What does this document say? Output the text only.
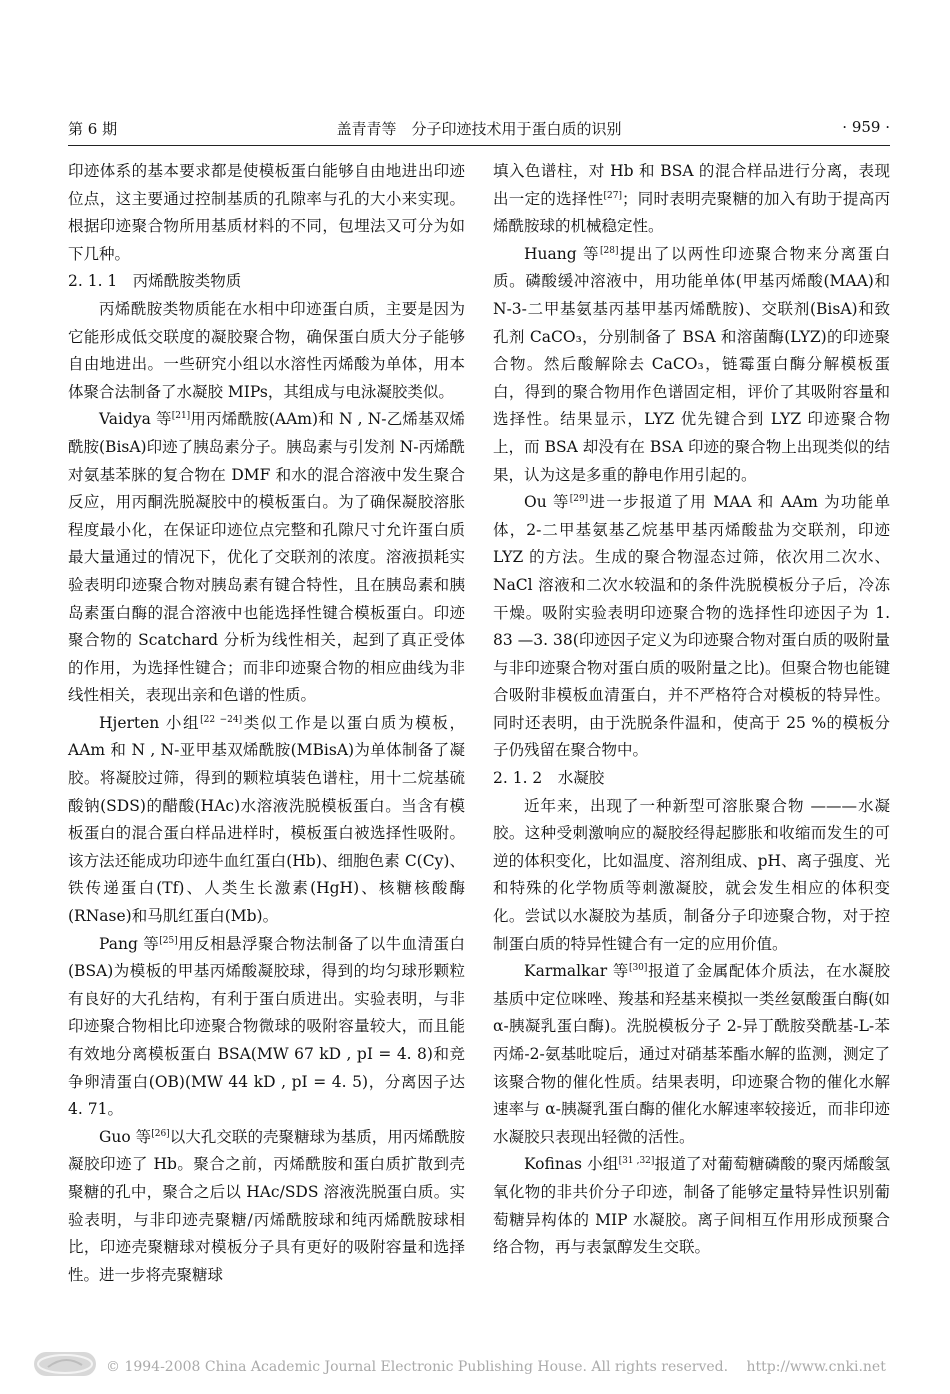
第 6 期	盖青青等　分子印迹技术用于蛋白质的识别	· 959 ·

印迹体系的基本要求都是使模板蛋白能够自由地进出印迹位点，这主要通过控制基质的孔隙率与孔的大小来实现。根据印迹聚合物所用基质材料的不同，包埋法又可分为如下几种。

2. 1. 1　丙烯酰胺类物质

丙烯酰胺类物质能在水相中印迹蛋白质，主要是因为它能形成低交联度的凝胶聚合物，确保蛋白质大分子能够自由地进出。一些研究小组以水溶性丙烯酸为单体，用本体聚合法制备了水凝胶 MIPs，其组成与电泳凝胶类似。

Vaidya 等[21]用丙烯酰胺(AAm)和 N , N-乙烯基双烯酰胺(BisA)印迹了胰岛素分子。胰岛素与引发剂 N-丙烯酰对氨基苯脒的复合物在 DMF 和水的混合溶液中发生聚合反应，用丙酮洗脱凝胶中的模板蛋白。为了确保凝胶溶胀程度最小化，在保证印迹位点完整和孔隙尺寸允许蛋白质最大量通过的情况下，优化了交联剂的浓度。溶液损耗实验表明印迹聚合物对胰岛素有键合特性，且在胰岛素和胰岛素蛋白酶的混合溶液中也能选择性键合模板蛋白。印迹聚合物的 Scatchard 分析为线性相关，起到了真正受体的作用，为选择性键合；而非印迹聚合物的相应曲线为非线性相关，表现出亲和色谱的性质。

Hjerten 小组[22 −24]类似工作是以蛋白质为模板，AAm 和 N , N-亚甲基双烯酰胺(MBisA)为单体制备了凝胶。将凝胶过筛，得到的颗粒填装色谱柱，用十二烷基硫酸钠(SDS)的醋酸(HAc)水溶液洗脱模板蛋白。当含有模板蛋白的混合蛋白样品进样时，模板蛋白被选择性吸附。该方法还能成功印迹牛血红蛋白(Hb)、细胞色素 C(Cy)、铁传递蛋白(Tf)、人类生长激素(HgH)、核糖核酸酶(RNase)和马肌红蛋白(Mb)。

Pang 等[25]用反相悬浮聚合物法制备了以牛血清蛋白(BSA)为模板的甲基丙烯酸凝胶球，得到的均匀球形颗粒有良好的大孔结构，有利于蛋白质进出。实验表明，与非印迹聚合物相比印迹聚合物微球的吸附容量较大，而且能有效地分离模板蛋白 BSA(MW 67 kD , pI = 4. 8)和竞争卵清蛋白(OB)(MW 44 kD , pI = 4. 5)，分离因子达 4. 71。

Guo 等[26]以大孔交联的壳聚糖球为基质，用丙烯酰胺凝胶印迹了 Hb。聚合之前，丙烯酰胺和蛋白质扩散到壳聚糖的孔中，聚合之后以 HAc/SDS 溶液洗脱蛋白质。实验表明，与非印迹壳聚糖/丙烯酰胺球和纯丙烯酰胺球相比，印迹壳聚糖球对模板分子具有更好的吸附容量和选择性。进一步将壳聚糖球

填入色谱柱，对 Hb 和 BSA 的混合样品进行分离，表现出一定的选择性[27]；同时表明壳聚糖的加入有助于提高丙烯酰胺球的机械稳定性。

Huang 等[28]提出了以两性印迹聚合物来分离蛋白质。磷酸缓冲溶液中，用功能单体(甲基丙烯酸(MAA)和 N-3-二甲基氨基丙基甲基丙烯酰胺)、交联剂(BisA)和致孔剂 CaCO₃，分别制备了 BSA 和溶菌酶(LYZ)的印迹聚合物。然后酸解除去 CaCO₃，链霉蛋白酶分解模板蛋白，得到的聚合物用作色谱固定相，评价了其吸附容量和选择性。结果显示，LYZ 优先键合到 LYZ 印迹聚合物上，而 BSA 却没有在 BSA 印迹的聚合物上出现类似的结果，认为这是多重的静电作用引起的。

Ou 等[29]进一步报道了用 MAA 和 AAm 为功能单体，2-二甲基氨基乙烷基甲基丙烯酸盐为交联剂，印迹 LYZ 的方法。生成的聚合物湿态过筛，依次用二次水、NaCl 溶液和二次水较温和的条件洗脱模板分子后，冷冻干燥。吸附实验表明印迹聚合物的选择性印迹因子为 1. 83 —3. 38(印迹因子定义为印迹聚合物对蛋白质的吸附量与非印迹聚合物对蛋白质的吸附量之比)。但聚合物也能键合吸附非模板血清蛋白，并不严格符合对模板的特异性。同时还表明，由于洗脱条件温和，使高于 25 %的模板分子仍残留在聚合物中。

2. 1. 2　水凝胶

近年来，出现了一种新型可溶胀聚合物 ———水凝胶。这种受刺激响应的凝胶经得起膨胀和收缩而发生的可逆的体积变化，比如温度、溶剂组成、pH、离子强度、光和特殊的化学物质等刺激凝胶，就会发生相应的体积变化。尝试以水凝胶为基质，制备分子印迹聚合物，对于控制蛋白质的特异性键合有一定的应用价值。

Karmalkar 等[30]报道了金属配体介质法，在水凝胶基质中定位咪唑、羧基和羟基来模拟一类丝氨酸蛋白酶(如 α-胰凝乳蛋白酶)。洗脱模板分子 2-异丁酰胺癸酰基-L-苯丙烯-2-氨基吡啶后，通过对硝基苯酯水解的监测，测定了该聚合物的催化性质。结果表明，印迹聚合物的催化水解速率与 α-胰凝乳蛋白酶的催化水解速率较接近，而非印迹水凝胶只表现出轻微的活性。

Kofinas 小组[31 ,32]报道了对葡萄糖磷酸的聚丙烯酸氢氧化物的非共价分子印迹，制备了能够定量特异性识别葡萄糖异构体的 MIP 水凝胶。离子间相互作用形成预聚合络合物，再与表氯醇发生交联。

© 1994-2008 China Academic Journal Electronic Publishing House. All rights reserved.　 http://www.cnki.net
